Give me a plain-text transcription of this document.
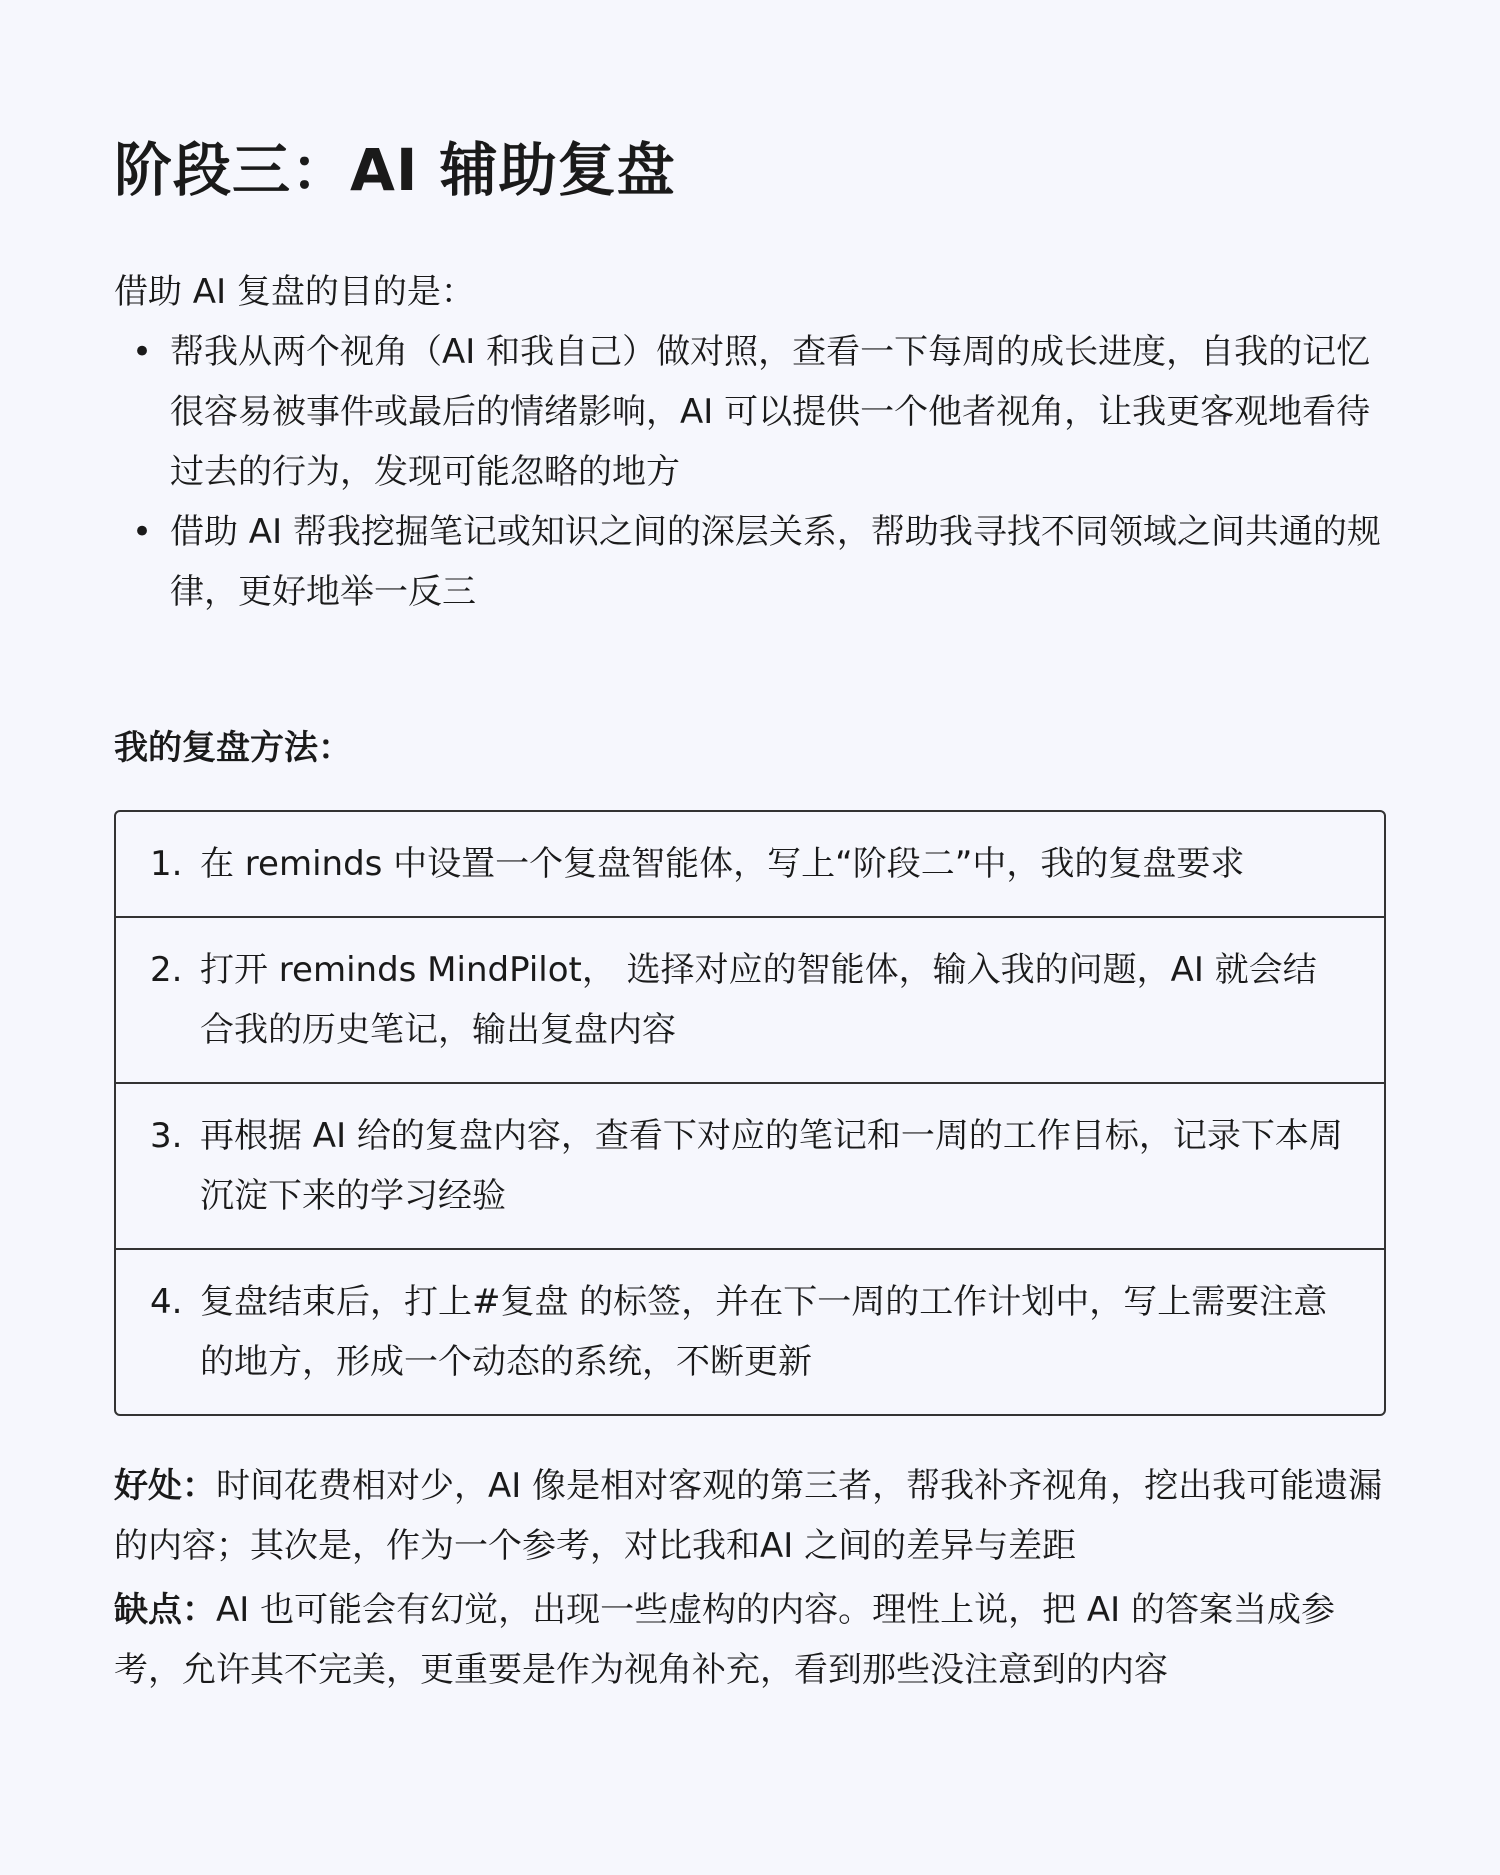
阶段三：AI 辅助复盘

借助 AI 复盘的目的是：

• 帮我从两个视角（AI 和我自己）做对照，查看一下每周的成长进度，自我的记忆很容易被事件或最后的情绪影响，AI 可以提供一个他者视角，让我更客观地看待过去的行为，发现可能忽略的地方
• 借助 AI 帮我挖掘笔记或知识之间的深层关系，帮助我寻找不同领域之间共通的规律，更好地举一反三
我的复盘方法：
1. 在 reminds 中设置一个复盘智能体，写上“阶段二”中，我的复盘要求
2. 打开 reminds MindPilot， 选择对应的智能体，输入我的问题，AI 就会结合我的历史笔记，输出复盘内容
3. 再根据 AI 给的复盘内容，查看下对应的笔记和一周的工作目标，记录下本周沉淀下来的学习经验
4. 复盘结束后，打上#复盘 的标签，并在下一周的工作计划中，写上需要注意的地方，形成一个动态的系统，不断更新

好处：时间花费相对少，AI 像是相对客观的第三者，帮我补齐视角，挖出我可能遗漏的内容；其次是，作为一个参考，对比我和AI 之间的差异与差距

缺点：AI 也可能会有幻觉，出现一些虚构的内容。理性上说，把 AI 的答案当成参考，允许其不完美，更重要是作为视角补充，看到那些没注意到的内容
